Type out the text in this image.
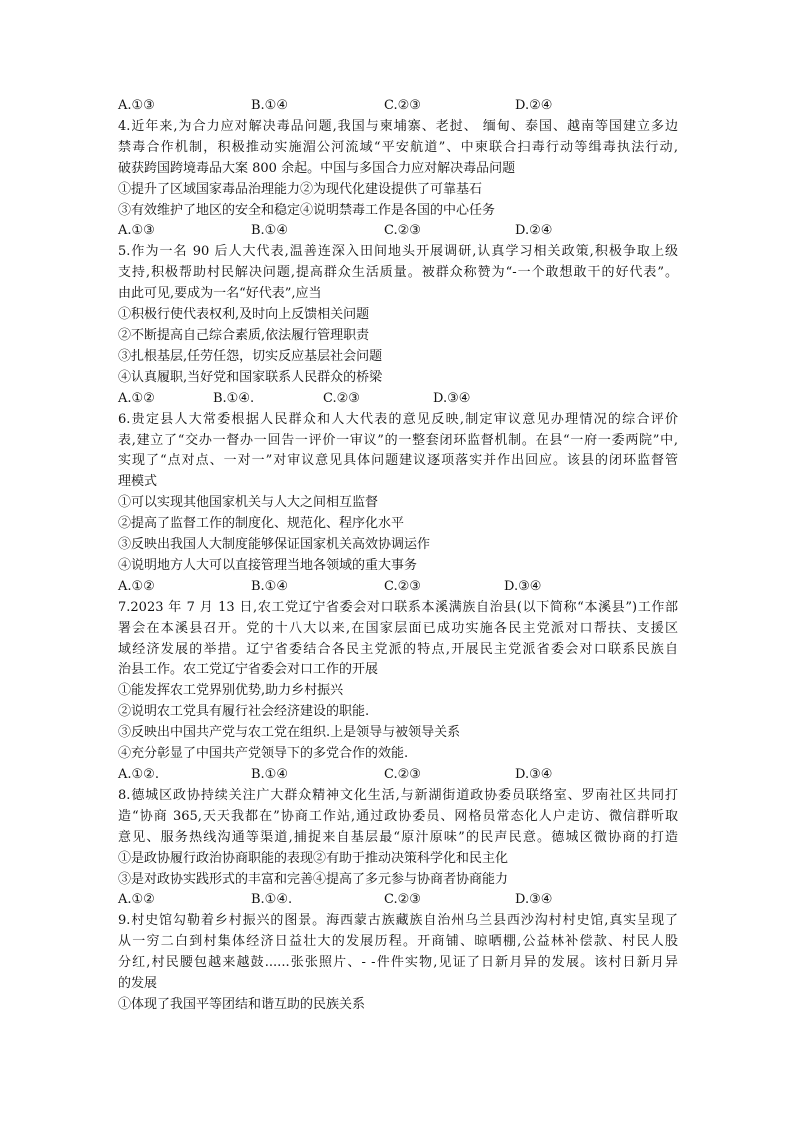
A.①③	B.①④	C.②③	D.②④
4.近年来,为合力应对解决毒品问题,我国与柬埔寨、老挝、 缅甸、泰国、越南等国建立多边
禁毒合作机制，积极推动实施湄公河流域“平安航道”、中柬联合扫毒行动等缉毒执法行动,
破获跨国跨境毒品大案 800 余起。中国与多国合力应对解决毒品问题
①提升了区域国家毒品治理能力②为现代化建设提供了可靠基石
③有效维护了地区的安全和稳定④说明禁毒工作是各国的中心任务
A.①③	B.①④	C.②③	D.②④
5.作为一名 90 后人大代表,温善连深入田间地头开展调研,认真学习相关政策,积极争取上级
支持,积极帮助村民解决问题,提高群众生活质量。被群众称赞为“-一个敢想敢干的好代表”。
由此可见,要成为一名“好代表”,应当
①积极行使代表权利,及时向上反馈相关问题
②不断提高自己综合素质,依法履行管理职责
③扎根基层,任劳任怨，切实反应基层社会问题
④认真履职,当好党和国家联系人民群众的桥梁
A.①②	B.①④.	C.②③	D.③④
6.贵定县人大常委根据人民群众和人大代表的意见反映,制定审议意见办理情况的综合评价
表,建立了“交办一督办一回告一评价一审议”的一整套闭环监督机制。在县“一府一委两院”中,
实现了“点对点、一对一”对审议意见具体问题建议逐项落实并作出回应。该县的闭环监督管
理模式
①可以实现其他国家机关与人大之间相互监督
②提高了监督工作的制度化、规范化、程序化水平
③反映出我国人大制度能够保证国家机关高效协调运作
④说明地方人大可以直接管理当地各领域的重大事务
A.①②	B.①④	C.②③	D.③④
7.2023 年 7 月 13 日,农工党辽宁省委会对口联系本溪满族自治县(以下简称“本溪县”)工作部
署会在本溪县召开。党的十八大以来,在国家层面已成功实施各民主党派对口帮扶、支援区
域经济发展的举措。辽宁省委结合各民主党派的特点,开展民主党派省委会对口联系民族自
治县工作。农工党辽宁省委会对口工作的开展
①能发挥农工党界别优势,助力乡村振兴
②说明农工党具有履行社会经济建设的职能.
③反映出中国共产党与农工党在组织.上是领导与被领导关系
④充分彰显了中国共产党领导下的多党合作的效能.
A.①②.	B.①④	C.②③	D.③④
8.德城区政协持续关注广大群众精神文化生活,与新湖街道政协委员联络室、罗南社区共同打
造“协商 365,天天我都在”协商工作站,通过政协委员、网格员常态化人户走访、微信群听取
意见、服务热线沟通等渠道,捕捉来自基层最“原汁原味”的民声民意。德城区微协商的打造
①是政协履行政治协商职能的表现②有助于推动决策科学化和民主化
③是对政协实践形式的丰富和完善④提高了多元参与协商者协商能力
A.①②	B.①④.	C.②③	D.③④
9.村史馆勾勒着乡村振兴的图景。海西蒙古族藏族自治州乌兰县西沙沟村村史馆,真实呈现了
从一穷二白到村集体经济日益壮大的发展历程。开商铺、晾晒棚,公益林补偿款、村民人股
分红,村民腰包越来越鼓......张张照片、- -件件实物,见证了日新月异的发展。该村日新月异
的发展
①体现了我国平等团结和谐互助的民族关系
